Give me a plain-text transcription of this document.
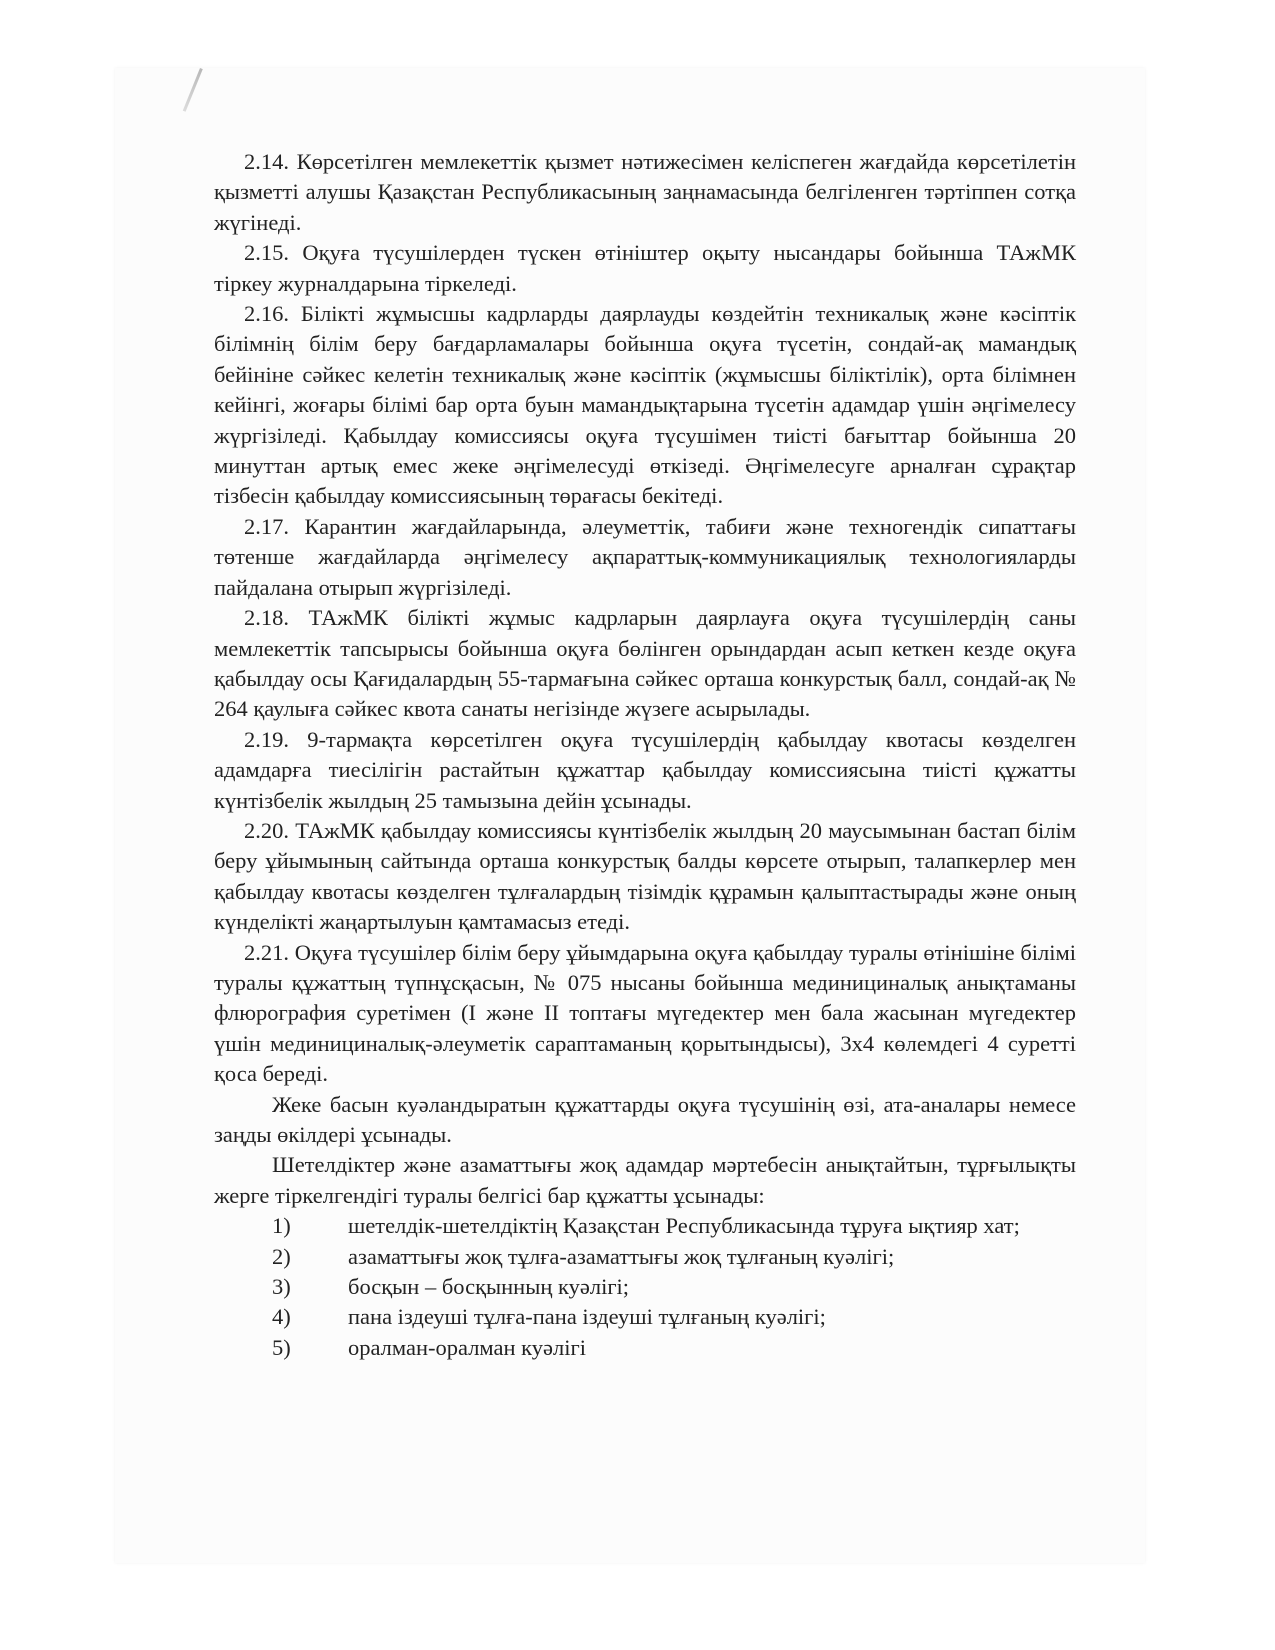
2.14. Көрсетілген мемлекеттік қызмет нәтижесімен келіспеген жағдайда көрсетілетін қызметті алушы Қазақстан Республикасының заңнамасында белгіленген тәртіппен сотқа жүгінеді.

2.15. Оқуға түсушілерден түскен өтініштер оқыту нысандары бойынша ТАжМК тіркеу журналдарына тіркеледі.

2.16. Білікті жұмысшы кадрларды даярлауды көздейтін техникалық және кәсіптік білімнің білім беру бағдарламалары бойынша оқуға түсетін, сондай-ақ мамандық бейініне сәйкес келетін техникалық және кәсіптік (жұмысшы біліктілік), орта білімнен кейінгі, жоғары білімі бар орта буын мамандықтарына түсетін адамдар үшін әңгімелесу жүргізіледі. Қабылдау комиссиясы оқуға түсушімен тиісті бағыттар бойынша 20 минуттан артық емес жеке әңгімелесуді өткізеді. Әңгімелесуге арналған сұрақтар тізбесін қабылдау комиссиясының төрағасы бекітеді.

2.17. Карантин жағдайларында, әлеуметтік, табиғи және техногендік сипаттағы төтенше жағдайларда әңгімелесу ақпараттық-коммуникациялық технологияларды пайдалана отырып жүргізіледі.

2.18. ТАжМК білікті жұмыс кадрларын даярлауға оқуға түсушілердің саны мемлекеттік тапсырысы бойынша оқуға бөлінген орындардан асып кеткен кезде оқуға қабылдау осы Қағидалардың 55-тармағына сәйкес орташа конкурстық балл, сондай-ақ № 264 қаулыға сәйкес квота санаты негізінде жүзеге асырылады.

2.19. 9-тармақта көрсетілген оқуға түсушілердің қабылдау квотасы көзделген адамдарға тиесілігін растайтын құжаттар қабылдау комиссиясына тиісті құжатты күнтізбелік жылдың 25 тамызына дейін ұсынады.

2.20. ТАжМК қабылдау комиссиясы күнтізбелік жылдың 20 маусымынан бастап білім беру ұйымының сайтында орташа конкурстық балды көрсете отырып, талапкерлер мен қабылдау квотасы көзделген тұлғалардың тізімдік құрамын қалыптастырады және оның күнделікті жаңартылуын қамтамасыз етеді.

2.21. Оқуға түсушілер білім беру ұйымдарына оқуға қабылдау туралы өтінішіне білімі туралы құжаттың түпнұсқасын, № 075 нысаны бойынша мединициналық анықтаманы флюрография суретімен (І және ІІ топтағы мүгедектер мен бала жасынан мүгедектер үшін мединициналық-әлеуметік сараптаманың қорытындысы), 3х4 көлемдегі 4 суретті қоса береді.

Жеке басын куәландыратын құжаттарды оқуға түсушінің өзі, ата-аналары немесе заңды өкілдері ұсынады.

Шетелдіктер және азаматтығы жоқ адамдар мәртебесін анықтайтын, тұрғылықты жерге тіркелгендігі туралы белгісі бар құжатты ұсынады:

1)	шетелдік-шетелдіктің Қазақстан Республикасында тұруға ықтияр хат;

2)	азаматтығы жоқ тұлға-азаматтығы жоқ тұлғаның куәлігі;

3)	босқын – босқынның куәлігі;

4)	пана іздеуші тұлға-пана іздеуші тұлғаның куәлігі;

5)	оралман-оралман куәлігі
